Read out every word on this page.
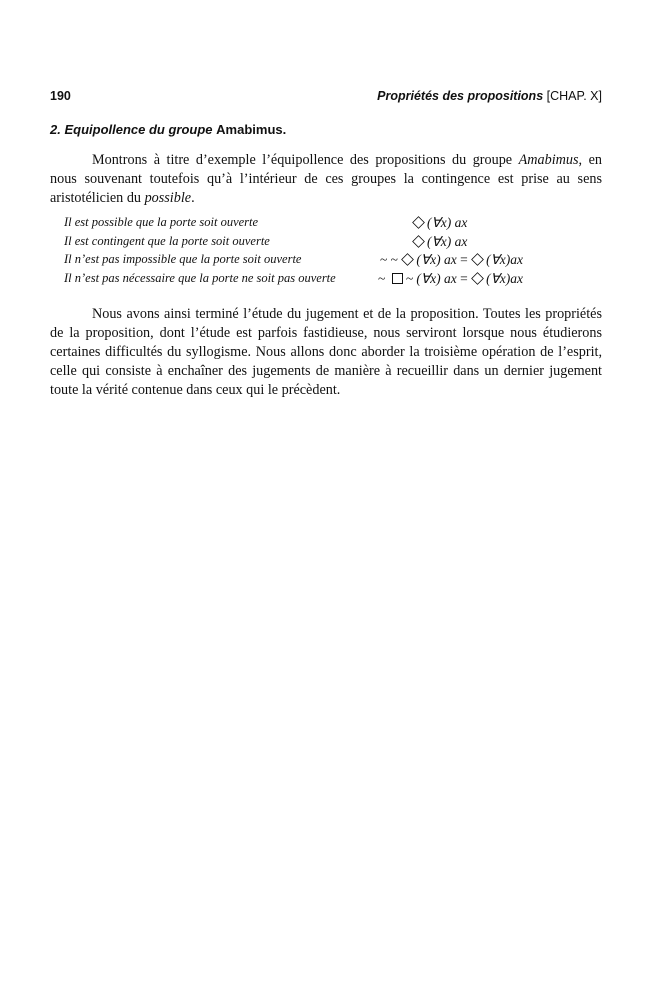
190	Propriétés des propositions [CHAP. X]
2. Equipollence du groupe Amabimus.

Montrons à titre d’exemple l’équipollence des propositions du groupe Amabimus, en nous souvenant toutefois qu’à l’intérieur de ces groupes la contingence est prise au sens aristotélicien du possible.

Il est possible que la porte soit ouverte	(∀x) ax
Il est contingent que la porte soit ouverte	(∀x) ax
Il n’est pas impossible que la porte soit ouverte	~ ~ (∀x) ax = (∀x)ax
Il n’est pas nécessaire que la porte ne soit pas ouverte	~ ~ (∀x) ax = (∀x)ax

Nous avons ainsi terminé l’étude du jugement et de la proposition. Toutes les propriétés de la proposition, dont l’étude est parfois fastidieuse, nous serviront lorsque nous étudierons certaines difficultés du syllogisme. Nous allons donc aborder la troisième opération de l’esprit, celle qui consiste à enchaîner des jugements de manière à recueillir dans un dernier jugement toute la vérité contenue dans ceux qui le précèdent.
